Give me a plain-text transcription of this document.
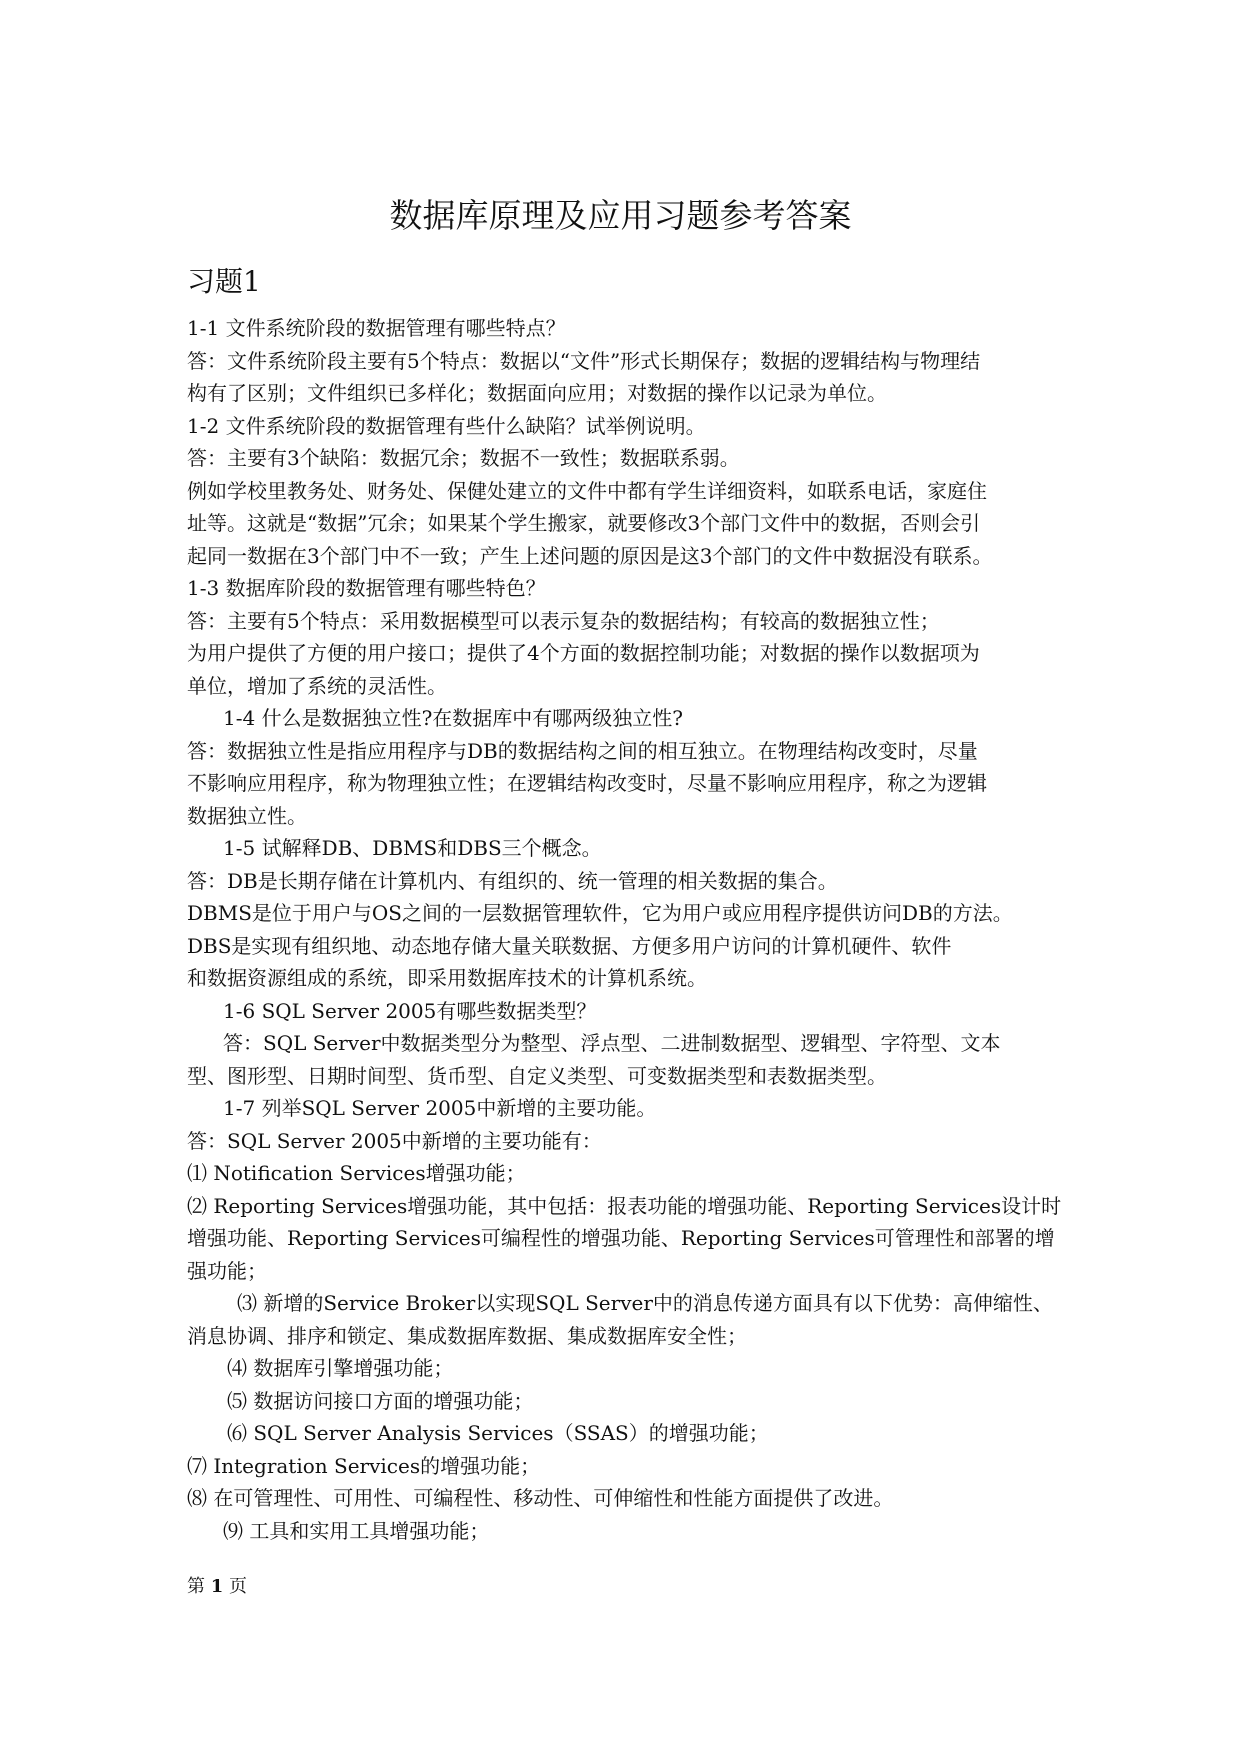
数据库原理及应用习题参考答案
习题1

1-1 文件系统阶段的数据管理有哪些特点？

答：文件系统阶段主要有5个特点：数据以“文件”形式长期保存；数据的逻辑结构与物理结

构有了区别；文件组织已多样化；数据面向应用；对数据的操作以记录为单位。

1-2 文件系统阶段的数据管理有些什么缺陷？试举例说明。

答：主要有3个缺陷：数据冗余；数据不一致性；数据联系弱。

例如学校里教务处、财务处、保健处建立的文件中都有学生详细资料，如联系电话，家庭住

址等。这就是“数据”冗余；如果某个学生搬家，就要修改3个部门文件中的数据，否则会引

起同一数据在3个部门中不一致；产生上述问题的原因是这3个部门的文件中数据没有联系。

1-3 数据库阶段的数据管理有哪些特色？

答：主要有5个特点：采用数据模型可以表示复杂的数据结构；有较高的数据独立性；

为用户提供了方便的用户接口；提供了4个方面的数据控制功能；对数据的操作以数据项为

单位，增加了系统的灵活性。

1-4 什么是数据独立性?在数据库中有哪两级独立性?

答：数据独立性是指应用程序与DB的数据结构之间的相互独立。在物理结构改变时，尽量

不影响应用程序，称为物理独立性；在逻辑结构改变时，尽量不影响应用程序，称之为逻辑

数据独立性。

1-5 试解释DB、DBMS和DBS三个概念。

答：DB是长期存储在计算机内、有组织的、统一管理的相关数据的集合。

DBMS是位于用户与OS之间的一层数据管理软件，它为用户或应用程序提供访问DB的方法。

DBS是实现有组织地、动态地存储大量关联数据、方便多用户访问的计算机硬件、软件

和数据资源组成的系统，即采用数据库技术的计算机系统。

1-6 SQL Server 2005有哪些数据类型？

答：SQL Server中数据类型分为整型、浮点型、二进制数据型、逻辑型、字符型、文本

型、图形型、日期时间型、货币型、自定义类型、可变数据类型和表数据类型。

1-7 列举SQL Server 2005中新增的主要功能。

答：SQL Server 2005中新增的主要功能有：

⑴ Notification Services增强功能；

⑵ Reporting Services增强功能，其中包括：报表功能的增强功能、Reporting Services设计时

增强功能、Reporting Services可编程性的增强功能、Reporting Services可管理性和部署的增

强功能；

⑶ 新增的Service Broker以实现SQL Server中的消息传递方面具有以下优势：高伸缩性、

消息协调、排序和锁定、集成数据库数据、集成数据库安全性；

⑷ 数据库引擎增强功能；

⑸ 数据访问接口方面的增强功能；

⑹ SQL Server Analysis Services（SSAS）的增强功能；

⑺ Integration Services的增强功能；

⑻ 在可管理性、可用性、可编程性、移动性、可伸缩性和性能方面提供了改进。

⑼ 工具和实用工具增强功能；

第 1 页
